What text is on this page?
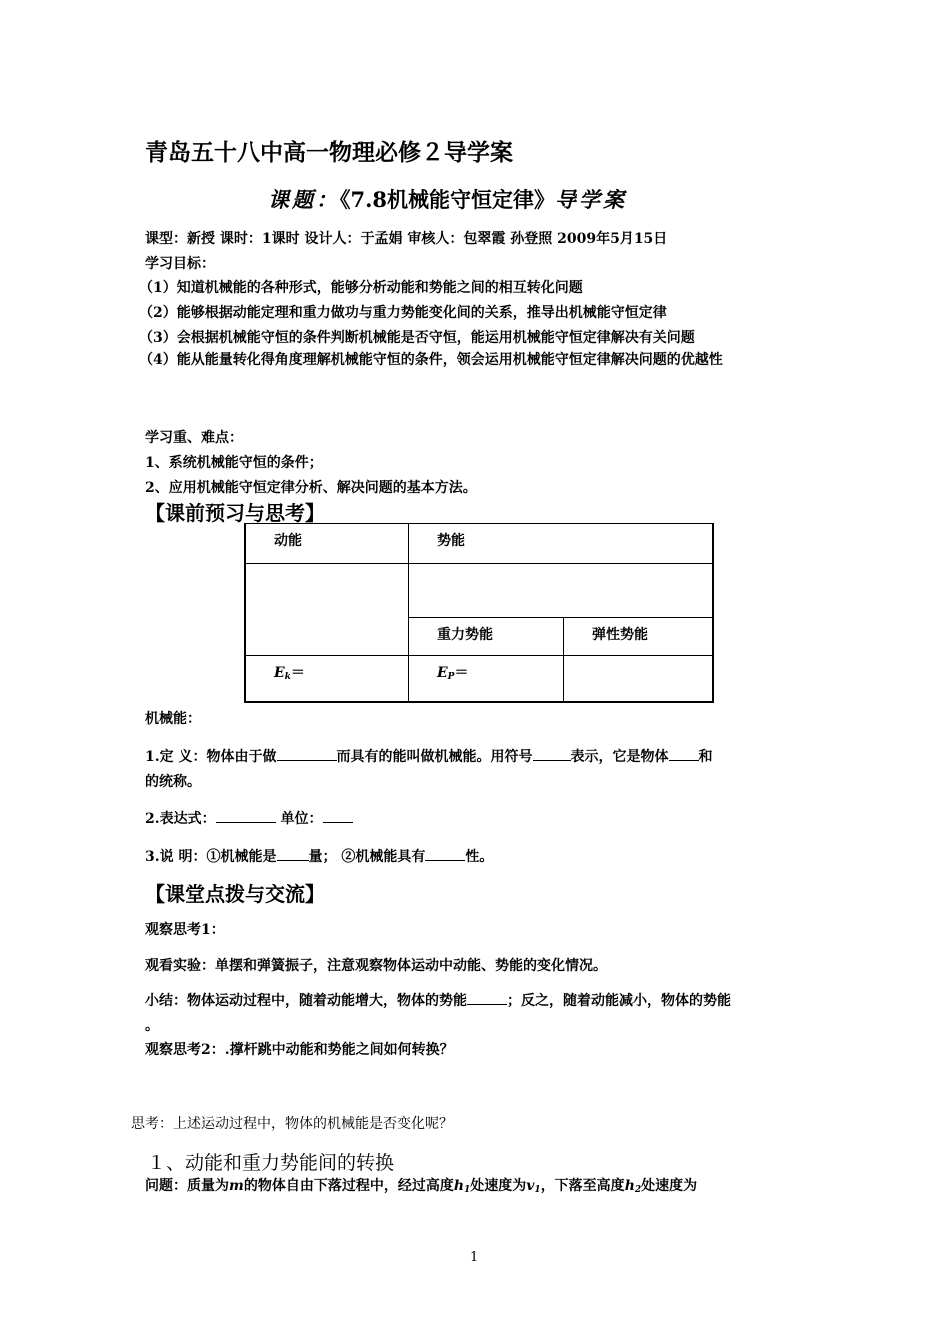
青岛五十八中高一物理必修２导学案
课题：《7.8机械能守恒定律》导学案
课型：新授 课时：1课时 设计人：于孟娟 审核人：包翠霞 孙登照 2009年5月15日
学习目标：
（1）知道机械能的各种形式，能够分析动能和势能之间的相互转化问题
（2）能够根据动能定理和重力做功与重力势能变化间的关系，推导出机械能守恒定律
（3）会根据机械能守恒的条件判断机械能是否守恒，能运用机械能守恒定律解决有关问题
（4）能从能量转化得角度理解机械能守恒的条件，领会运用机械能守恒定律解决问题的优越性
学习重、难点：
1、系统机械能守恒的条件；
2、应用机械能守恒定律分析、解决问题的基本方法。
【课前预习与思考】
动能	势能	

	重力势能	弹性势能
$E_k=$	$E_P=$	
机械能：
1.定 义：物体由于做	而具有的能叫做机械能。用符号	表示，它是物体 和
的统称。
2.表达式：	单位：
3.说 明：①机械能是 量； ②机械能具有	性。
【课堂点拨与交流】
观察思考1：
观看实验：单摆和弹簧振子，注意观察物体运动中动能、势能的变化情况。
小结：物体运动过程中，随着动能增大，物体的势能	；反之，随着动能减小，物体的势能
。
观察思考2：.撑杆跳中动能和势能之间如何转换？
思考：上述运动过程中，物体的机械能是否变化呢？
１、动能和重力势能间的转换
问题：质量为m的物体自由下落过程中，经过高度$h_1$处速度为$v_1$，下落至高度$h_2$处速度为
1
